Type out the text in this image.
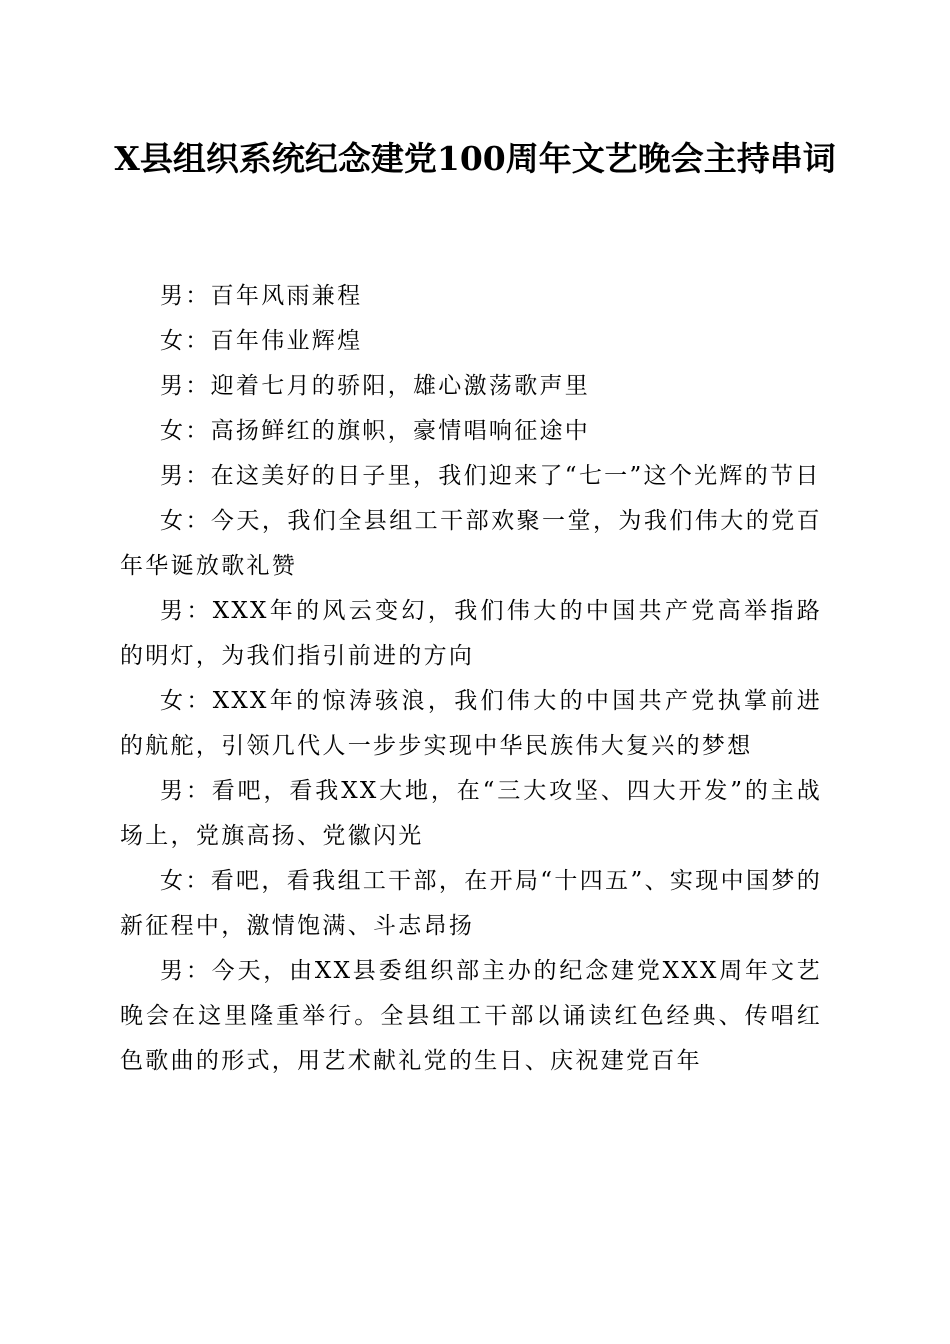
X县组织系统纪念建党100周年文艺晚会主持串词

男：百年风雨兼程

女：百年伟业辉煌

男：迎着七月的骄阳，雄心激荡歌声里

女：高扬鲜红的旗帜，豪情唱响征途中

男：在这美好的日子里，我们迎来了“七一”这个光辉的节日

女：今天，我们全县组工干部欢聚一堂，为我们伟大的党百年华诞放歌礼赞

男：XXX年的风云变幻，我们伟大的中国共产党高举指路的明灯，为我们指引前进的方向

女：XXX年的惊涛骇浪，我们伟大的中国共产党执掌前进的航舵，引领几代人一步步实现中华民族伟大复兴的梦想

男：看吧，看我XX大地，在“三大攻坚、四大开发”的主战场上，党旗高扬、党徽闪光

女：看吧，看我组工干部，在开局“十四五”、实现中国梦的新征程中，激情饱满、斗志昂扬

男：今天，由XX县委组织部主办的纪念建党XXX周年文艺晚会在这里隆重举行。全县组工干部以诵读红色经典、传唱红色歌曲的形式，用艺术献礼党的生日、庆祝建党百年
